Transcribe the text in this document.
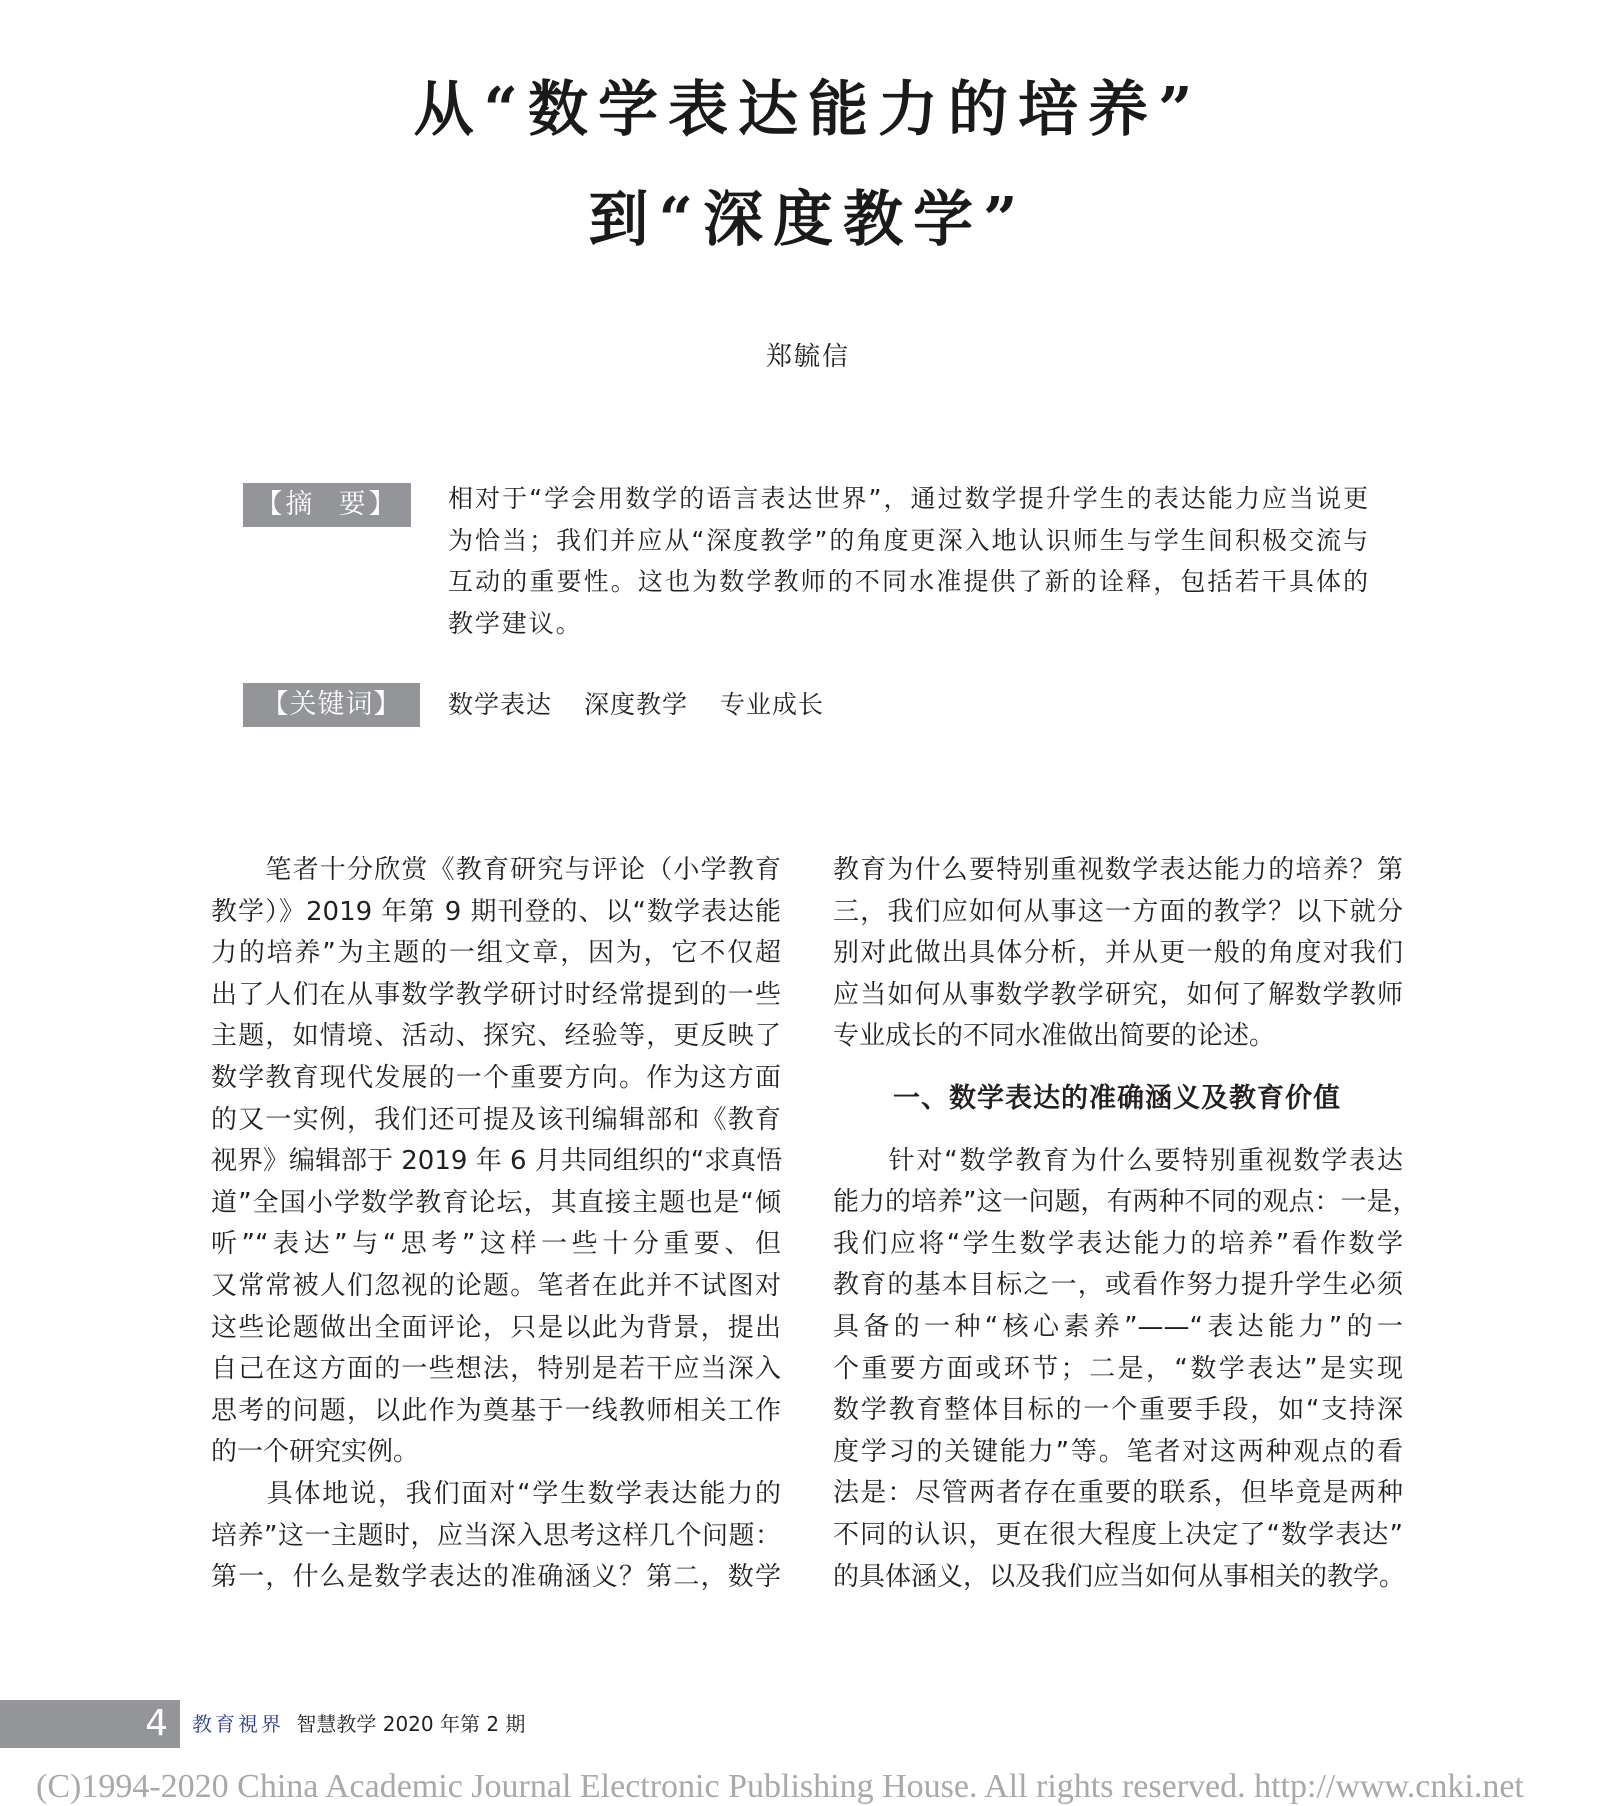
从“数学表达能力的培养”
到“深度教学”
郑毓信
【摘  要】	相对于“学会用数学的语言表达世界”，通过数学提升学生的表达能力应当说更为恰当；我们并应从“深度教学”的角度更深入地认识师生与学生间积极交流与互动的重要性。这也为数学教师的不同水准提供了新的诠释，包括若干具体的教学建议。
【关键词】	数学表达 深度教学 专业成长
　　笔者十分欣赏《教育研究与评论（小学教育
教学）》2019 年第 9 期刊登的、以“数学表达能
力的培养”为主题的一组文章，因为，它不仅超
出了人们在从事数学教学研讨时经常提到的一些
主题，如情境、活动、探究、经验等，更反映了
数学教育现代发展的一个重要方向。作为这方面
的又一实例，我们还可提及该刊编辑部和《教育
视界》编辑部于 2019 年 6 月共同组织的“求真悟
道”全国小学数学教育论坛，其直接主题也是“倾
听”“表达”与“思考”这样一些十分重要、但
又常常被人们忽视的论题。笔者在此并不试图对
这些论题做出全面评论，只是以此为背景，提出
自己在这方面的一些想法，特别是若干应当深入
思考的问题，以此作为奠基于一线教师相关工作
的一个研究实例。
　　具体地说，我们面对“学生数学表达能力的
培养”这一主题时，应当深入思考这样几个问题：
第一，什么是数学表达的准确涵义？第二，数学
教育为什么要特别重视数学表达能力的培养？第
三，我们应如何从事这一方面的教学？以下就分
别对此做出具体分析，并从更一般的角度对我们
应当如何从事数学教学研究，如何了解数学教师
专业成长的不同水准做出简要的论述。
一、数学表达的准确涵义及教育价值
　　针对“数学教育为什么要特别重视数学表达
能力的培养”这一问题，有两种不同的观点：一是，
我们应将“学生数学表达能力的培养”看作数学
教育的基本目标之一，或看作努力提升学生必须
具备的一种“核心素养”——“表达能力”的一
个重要方面或环节；二是，“数学表达”是实现
数学教育整体目标的一个重要手段，如“支持深
度学习的关键能力”等。笔者对这两种观点的看
法是：尽管两者存在重要的联系，但毕竟是两种
不同的认识，更在很大程度上决定了“数学表达”
的具体涵义，以及我们应当如何从事相关的教学。
4 教育視界 智慧教学 2020 年第 2 期
(C)1994-2020 China Academic Journal Electronic Publishing House. All rights reserved. http://www.cnki.net
